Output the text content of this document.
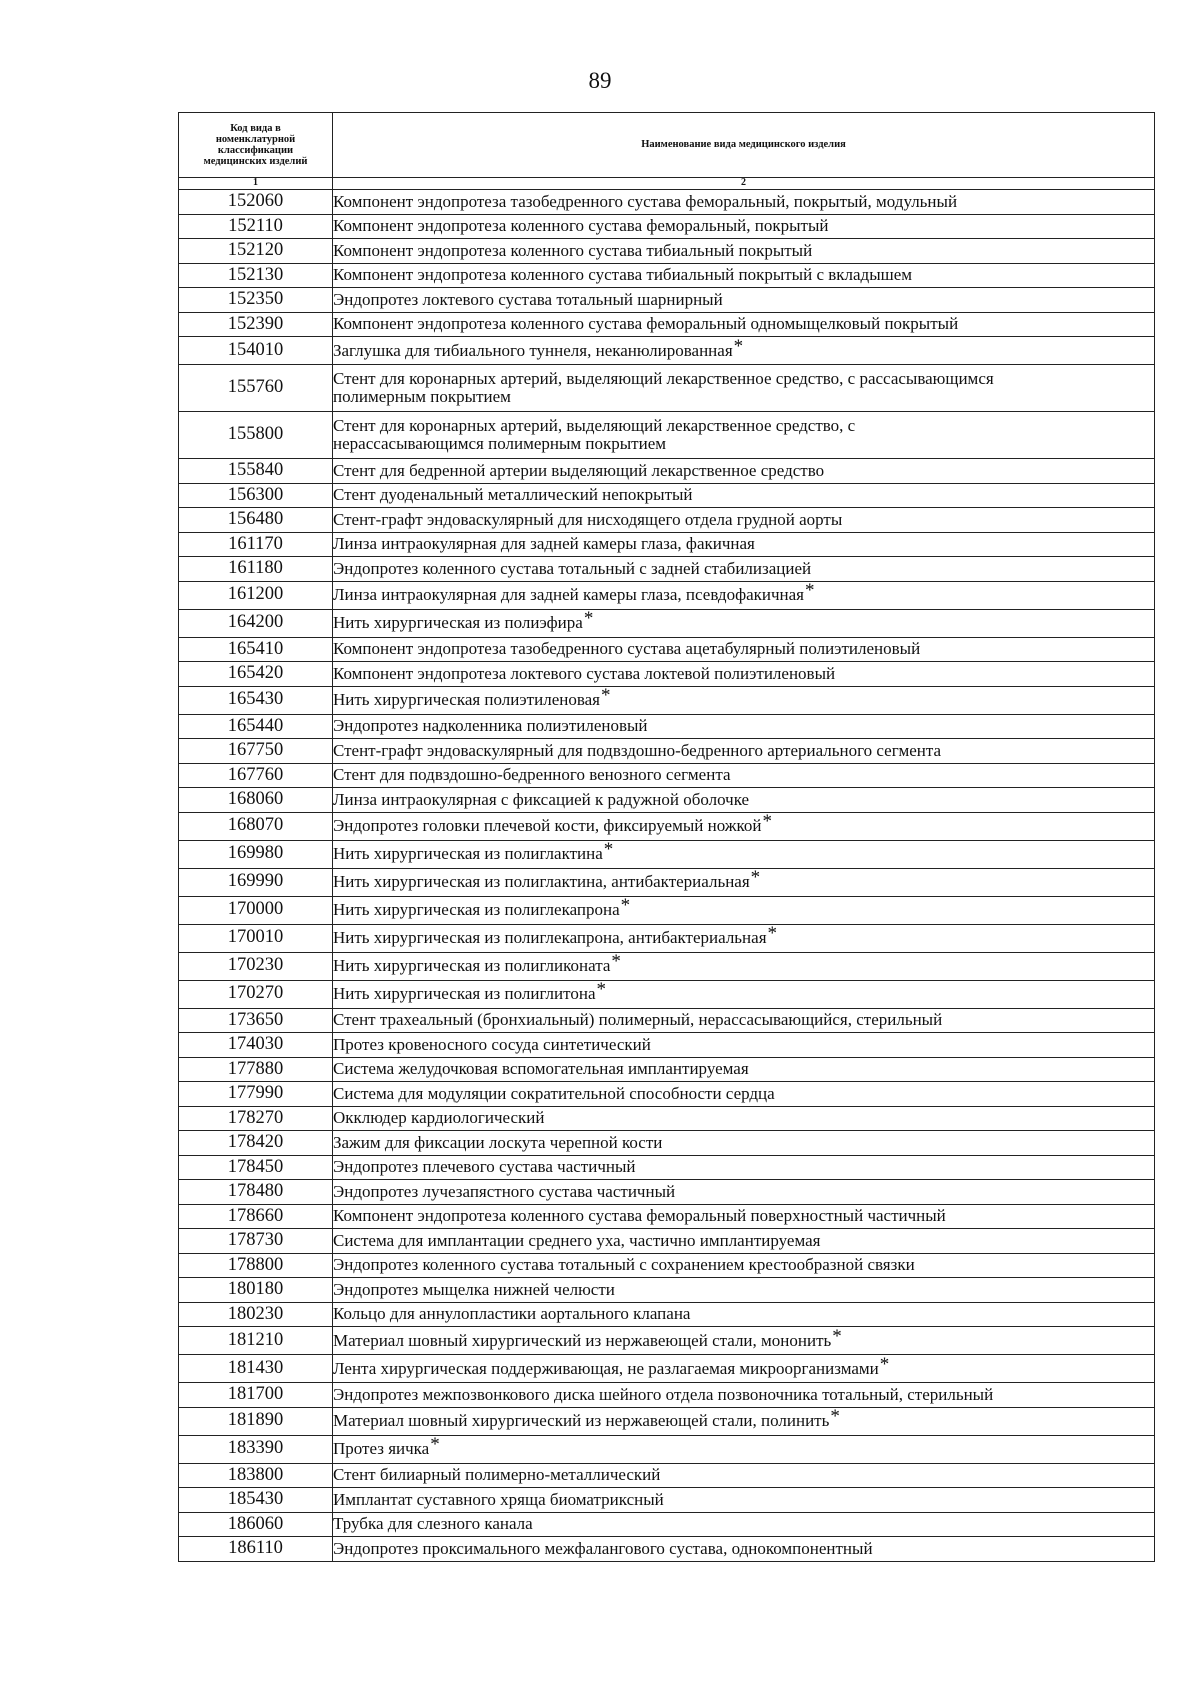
89
Код вида в
номенклатурной
классификации
медицинских изделий	Наименование вида медицинского изделия
1	2
152060	Компонент эндопротеза тазобедренного сустава феморальный, покрытый, модульный

152110	Компонент эндопротеза коленного сустава феморальный, покрытый

152120	Компонент эндопротеза коленного сустава тибиальный покрытый

152130	Компонент эндопротеза коленного сустава тибиальный покрытый с вкладышем

152350	Эндопротез локтевого сустава тотальный шарнирный

152390	Компонент эндопротеза коленного сустава феморальный одномыщелковый покрытый

154010	Заглушка для тибиального туннеля, неканюлированная*

155760	Стент для коронарных артерий, выделяющий лекарственное средство, с рассасывающимся
полимерным покрытием

155800	Стент для коронарных артерий, выделяющий лекарственное средство, с
нерассасывающимся полимерным покрытием

155840	Стент для бедренной артерии выделяющий лекарственное средство

156300	Стент дуоденальный металлический непокрытый

156480	Стент-графт эндоваскулярный для нисходящего отдела грудной аорты

161170	Линза интраокулярная для задней камеры глаза, факичная

161180	Эндопротез коленного сустава тотальный с задней стабилизацией

161200	Линза интраокулярная для задней камеры глаза, псевдофакичная*

164200	Нить хирургическая из полиэфира*

165410	Компонент эндопротеза тазобедренного сустава ацетабулярный полиэтиленовый

165420	Компонент эндопротеза локтевого сустава локтевой полиэтиленовый

165430	Нить хирургическая полиэтиленовая*

165440	Эндопротез надколенника полиэтиленовый

167750	Стент-графт эндоваскулярный для подвздошно-бедренного артериального сегмента

167760	Стент для подвздошно-бедренного венозного сегмента

168060	Линза интраокулярная с фиксацией к радужной оболочке

168070	Эндопротез головки плечевой кости, фиксируемый ножкой*

169980	Нить хирургическая из полиглактина*

169990	Нить хирургическая из полиглактина, антибактериальная*

170000	Нить хирургическая из полиглекапрона*

170010	Нить хирургическая из полиглекапрона, антибактериальная*

170230	Нить хирургическая из полигликоната*

170270	Нить хирургическая из полиглитона*

173650	Стент трахеальный (бронхиальный) полимерный, нерассасывающийся, стерильный

174030	Протез кровеносного сосуда синтетический

177880	Система желудочковая вспомогательная имплантируемая

177990	Система для модуляции сократительной способности сердца

178270	Окклюдер кардиологический

178420	Зажим для фиксации лоскута черепной кости

178450	Эндопротез плечевого сустава частичный

178480	Эндопротез лучезапястного сустава частичный

178660	Компонент эндопротеза коленного сустава феморальный поверхностный частичный

178730	Система для имплантации среднего уха, частично имплантируемая

178800	Эндопротез коленного сустава тотальный с сохранением крестообразной связки

180180	Эндопротез мыщелка нижней челюсти

180230	Кольцо для аннулопластики аортального клапана

181210	Материал шовный хирургический из нержавеющей стали, мононить*

181430	Лента хирургическая поддерживающая, не разлагаемая микроорганизмами*

181700	Эндопротез межпозвонкового диска шейного отдела позвоночника тотальный, стерильный

181890	Материал шовный хирургический из нержавеющей стали, полинить*

183390	Протез яичка*

183800	Стент билиарный полимерно-металлический

185430	Имплантат суставного хряща биоматриксный

186060	Трубка для слезного канала

186110	Эндопротез проксимального межфалангового сустава, однокомпонентный
